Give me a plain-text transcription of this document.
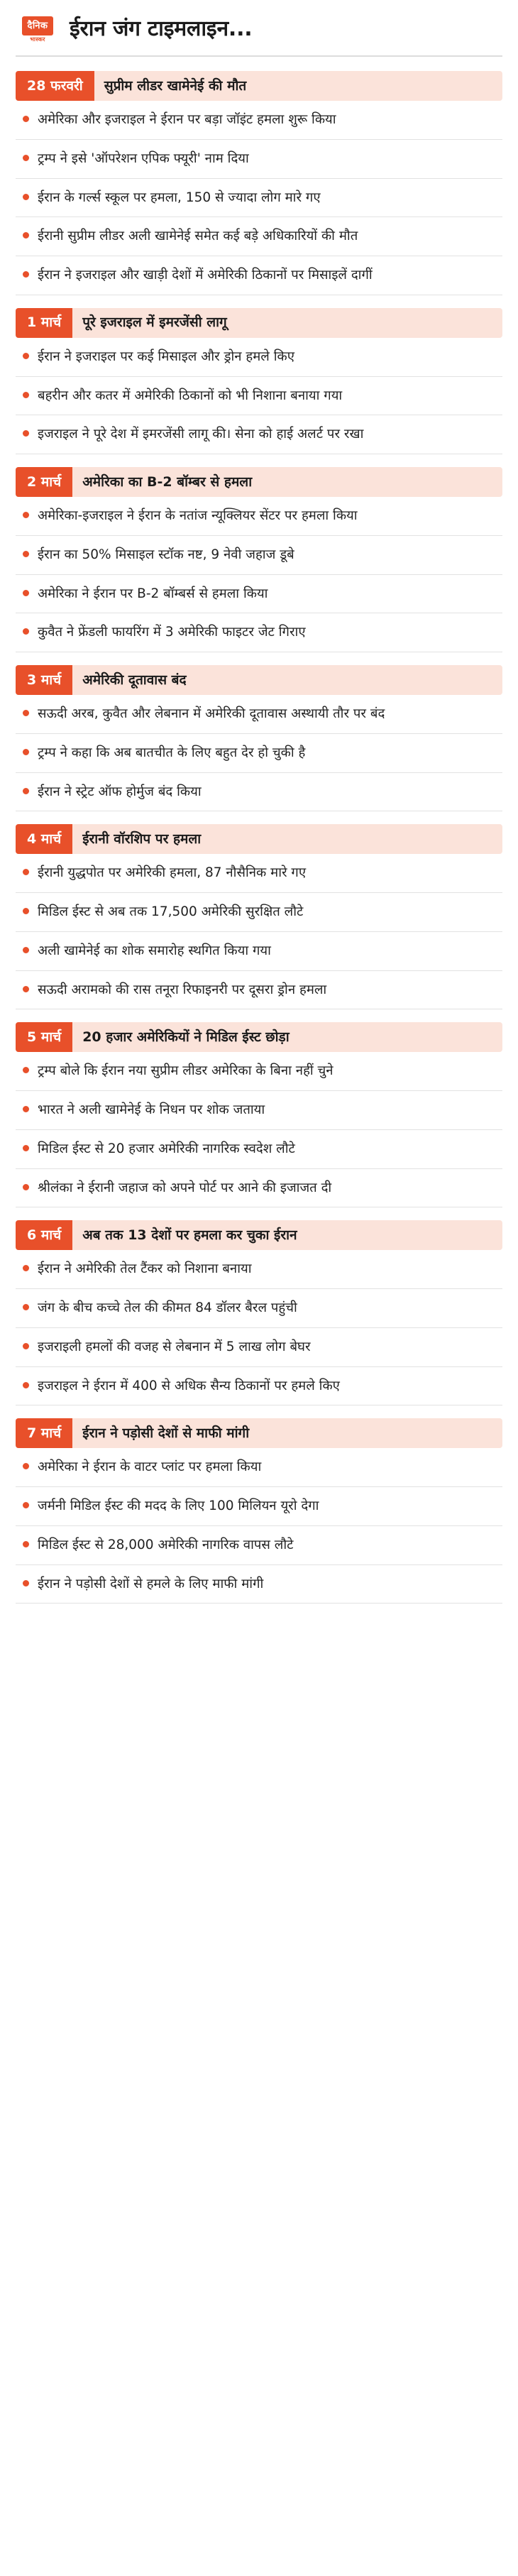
दैनिक
भास्कर ईरान जंग टाइमलाइन...
28 फरवरी	सुप्रीम लीडर खामेनेई की मौत
अमेरिका और इजराइल ने ईरान पर बड़ा जॉइंट हमला शुरू किया
ट्रम्प ने इसे 'ऑपरेशन एपिक फ्यूरी' नाम दिया
ईरान के गर्ल्स स्कूल पर हमला, 150 से ज्यादा लोग मारे गए
ईरानी सुप्रीम लीडर अली खामेनेई समेत कई बड़े अधिकारियों की मौत
ईरान ने इजराइल और खाड़ी देशों में अमेरिकी ठिकानों पर मिसाइलें दागीं
1 मार्च	पूरे इजराइल में इमरजेंसी लागू
ईरान ने इजराइल पर कई मिसाइल और ड्रोन हमले किए
बहरीन और कतर में अमेरिकी ठिकानों को भी निशाना बनाया गया
इजराइल ने पूरे देश में इमरजेंसी लागू की। सेना को हाई अलर्ट पर रखा
2 मार्च	अमेरिका का B-2 बॉम्बर से हमला
अमेरिका-इजराइल ने ईरान के नतांज न्यूक्लियर सेंटर पर हमला किया
ईरान का 50% मिसाइल स्टॉक नष्ट, 9 नेवी जहाज डूबे
अमेरिका ने ईरान पर B-2 बॉम्बर्स से हमला किया
कुवैत ने फ्रेंडली फायरिंग में 3 अमेरिकी फाइटर जेट गिराए
3 मार्च	अमेरिकी दूतावास बंद
सऊदी अरब, कुवैत और लेबनान में अमेरिकी दूतावास अस्थायी तौर पर बंद
ट्रम्प ने कहा कि अब बातचीत के लिए बहुत देर हो चुकी है
ईरान ने स्ट्रेट ऑफ होर्मुज बंद किया
4 मार्च	ईरानी वॉरशिप पर हमला
ईरानी युद्धपोत पर अमेरिकी हमला, 87 नौसैनिक मारे गए
मिडिल ईस्ट से अब तक 17,500 अमेरिकी सुरक्षित लौटे
अली खामेनेई का शोक समारोह स्थगित किया गया
सऊदी अरामको की रास तनूरा रिफाइनरी पर दूसरा ड्रोन हमला
5 मार्च	20 हजार अमेरिकियों ने मिडिल ईस्ट छोड़ा
ट्रम्प बोले कि ईरान नया सुप्रीम लीडर अमेरिका के बिना नहीं चुने
भारत ने अली खामेनेई के निधन पर शोक जताया
मिडिल ईस्ट से 20 हजार अमेरिकी नागरिक स्वदेश लौटे
श्रीलंका ने ईरानी जहाज को अपने पोर्ट पर आने की इजाजत दी
6 मार्च	अब तक 13 देशों पर हमला कर चुका ईरान
ईरान ने अमेरिकी तेल टैंकर को निशाना बनाया
जंग के बीच कच्चे तेल की कीमत 84 डॉलर बैरल पहुंची
इजराइली हमलों की वजह से लेबनान में 5 लाख लोग बेघर
इजराइल ने ईरान में 400 से अधिक सैन्य ठिकानों पर हमले किए
7 मार्च	ईरान ने पड़ोसी देशों से माफी मांगी
अमेरिका ने ईरान के वाटर प्लांट पर हमला किया
जर्मनी मिडिल ईस्ट की मदद के लिए 100 मिलियन यूरो देगा
मिडिल ईस्ट से 28,000 अमेरिकी नागरिक वापस लौटे
ईरान ने पड़ोसी देशों से हमले के लिए माफी मांगी
